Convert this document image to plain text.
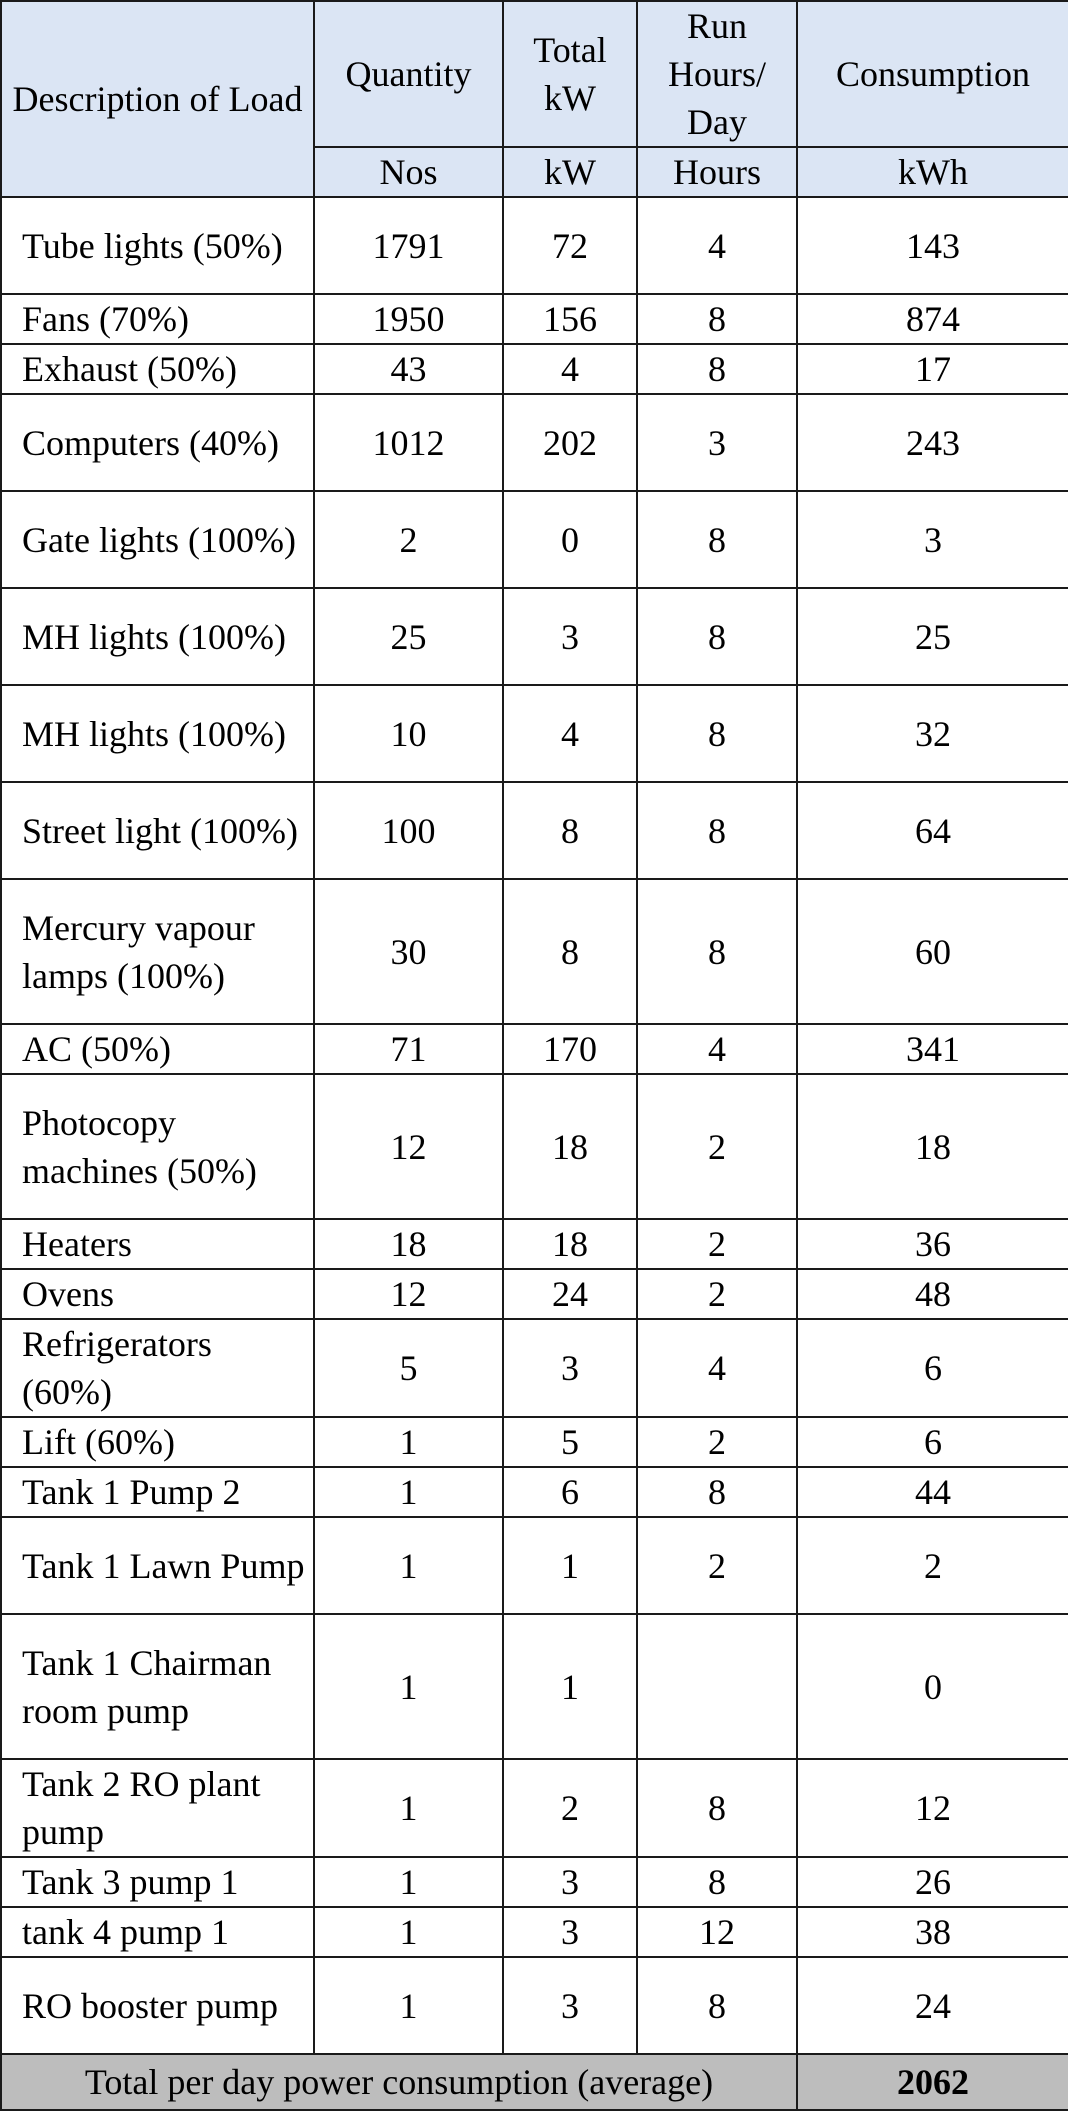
Description of Load	Quantity	Total kW	Run Hours/ Day	Consumption
	Nos	kW	Hours	kWh
Tube lights (50%)	1791	72	4	143
Fans (70%)	1950	156	8	874
Exhaust (50%)	43	4	8	17
Computers (40%)	1012	202	3	243
Gate lights (100%)	2	0	8	3
MH lights (100%)	25	3	8	25
MH lights (100%)	10	4	8	32
Street light (100%)	100	8	8	64
Mercury vapour lamps (100%)	30	8	8	60
AC (50%)	71	170	4	341
Photocopy machines (50%)	12	18	2	18
Heaters	18	18	2	36
Ovens	12	24	2	48
Refrigerators (60%)	5	3	4	6
Lift (60%)	1	5	2	6
Tank 1 Pump 2	1	6	8	44
Tank 1 Lawn Pump	1	1	2	2
Tank 1 Chairman room pump	1	1		0
Tank 2 RO plant pump	1	2	8	12
Tank 3 pump 1	1	3	8	26
tank 4 pump 1	1	3	12	38
RO booster pump	1	3	8	24
Total per day power consumption (average)				2062
